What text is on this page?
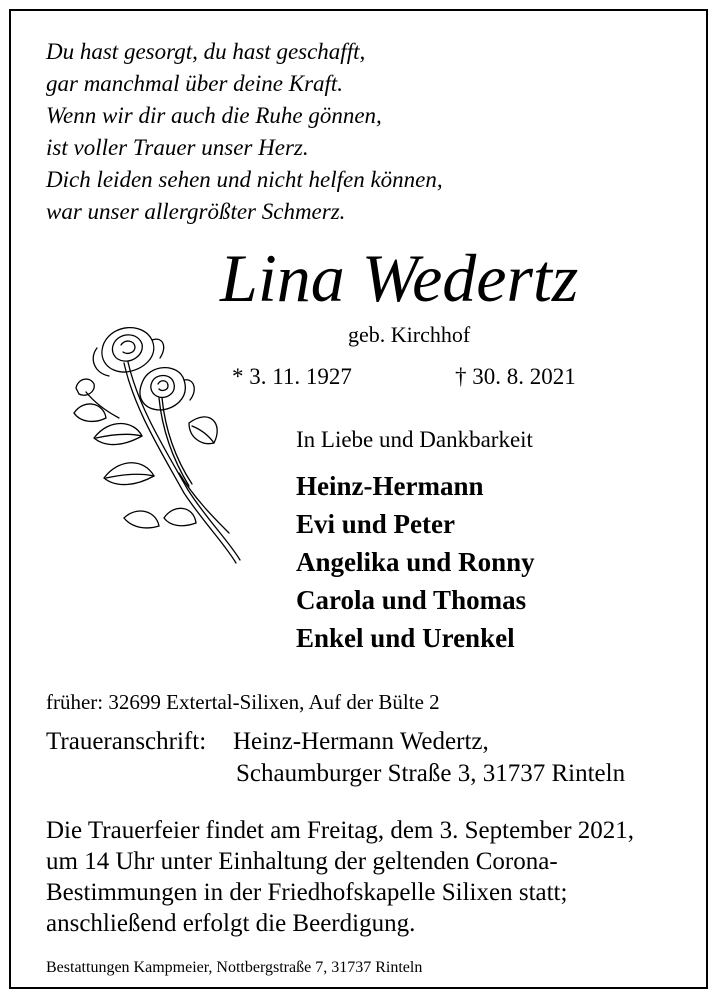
Du hast gesorgt, du hast geschafft,
gar manchmal über deine Kraft.
Wenn wir dir auch die Ruhe gönnen,
ist voller Trauer unser Herz.
Dich leiden sehen und nicht helfen können,
war unser allergrößter Schmerz.
Lina Wedertz
geb. Kirchhof
* 3. 11. 1927	† 30. 8. 2021
In Liebe und Dankbarkeit
Heinz-Hermann
Evi und Peter
Angelika und Ronny
Carola und Thomas
Enkel und Urenkel
früher: 32699 Extertal-Silixen, Auf der Bülte 2
Traueranschrift: Heinz-Hermann Wedertz,
Schaumburger Straße 3, 31737 Rinteln
Die Trauerfeier findet am Freitag, dem 3. September 2021,
um 14 Uhr unter Einhaltung der geltenden Corona-
Bestimmungen in der Friedhofskapelle Silixen statt;
anschließend erfolgt die Beerdigung.
Bestattungen Kampmeier, Nottbergstraße 7, 31737 Rinteln
